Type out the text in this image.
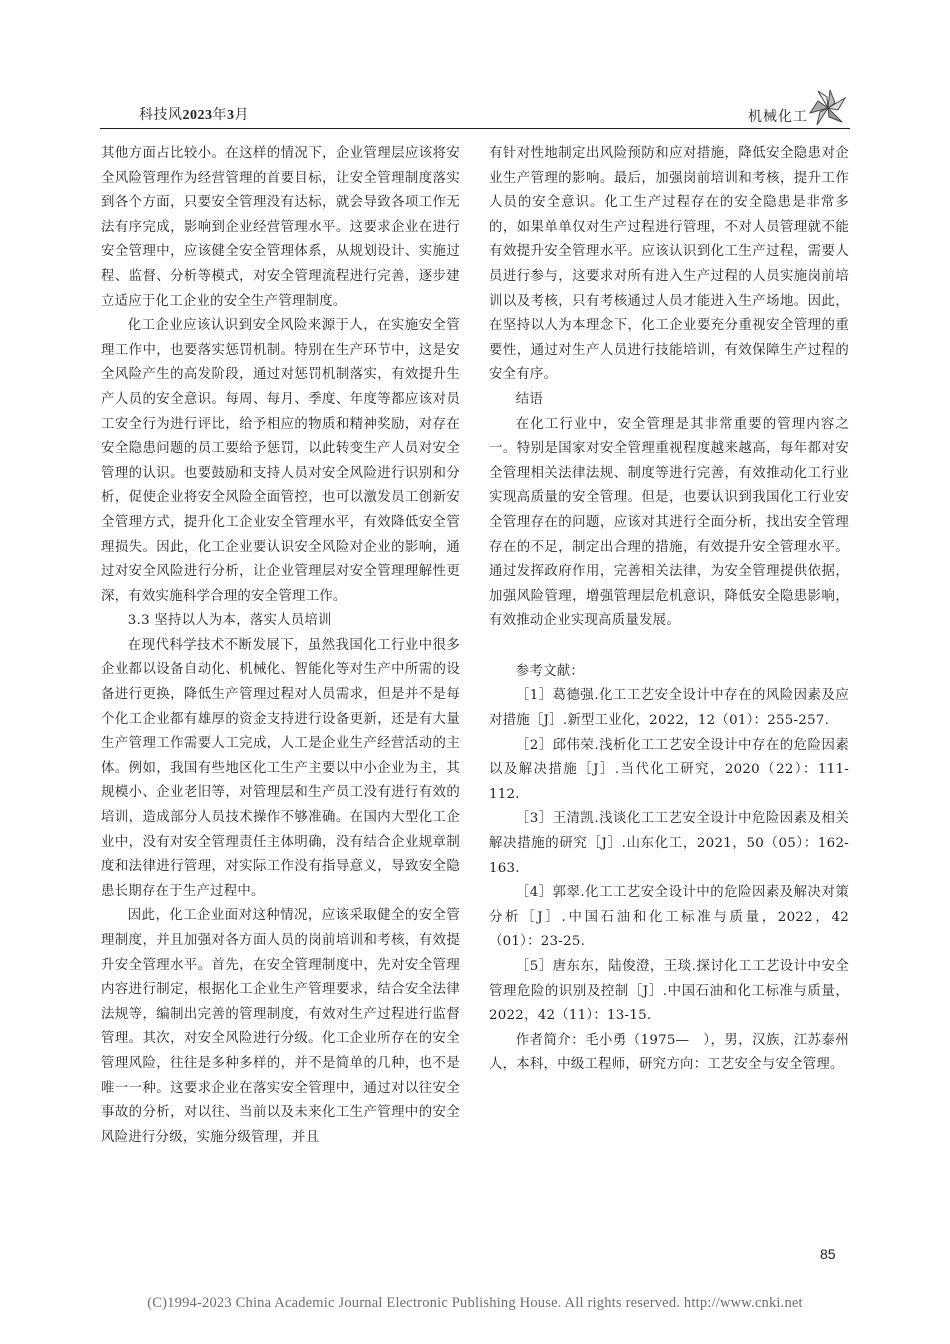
科技风2023年3月	机械化工

其他方面占比较小。在这样的情况下，企业管理层应该将安全风险管理作为经营管理的首要目标，让安全管理制度落实到各个方面，只要安全管理没有达标，就会导致各项工作无法有序完成，影响到企业经营管理水平。这要求企业在进行安全管理中，应该健全安全管理体系，从规划设计、实施过程、监督、分析等模式，对安全管理流程进行完善，逐步建立适应于化工企业的安全生产管理制度。

化工企业应该认识到安全风险来源于人，在实施安全管理工作中，也要落实惩罚机制。特别在生产环节中，这是安全风险产生的高发阶段，通过对惩罚机制落实，有效提升生产人员的安全意识。每周、每月、季度、年度等都应该对员工安全行为进行评比，给予相应的物质和精神奖励，对存在安全隐患问题的员工要给予惩罚，以此转变生产人员对安全管理的认识。也要鼓励和支持人员对安全风险进行识别和分析，促使企业将安全风险全面管控，也可以激发员工创新安全管理方式，提升化工企业安全管理水平，有效降低安全管理损失。因此，化工企业要认识安全风险对企业的影响，通过对安全风险进行分析，让企业管理层对安全管理理解性更深，有效实施科学合理的安全管理工作。

3.3 坚持以人为本，落实人员培训

在现代科学技术不断发展下，虽然我国化工行业中很多企业都以设备自动化、机械化、智能化等对生产中所需的设备进行更换，降低生产管理过程对人员需求，但是并不是每个化工企业都有雄厚的资金支持进行设备更新，还是有大量生产管理工作需要人工完成，人工是企业生产经营活动的主体。例如，我国有些地区化工生产主要以中小企业为主，其规模小、企业老旧等，对管理层和生产员工没有进行有效的培训，造成部分人员技术操作不够准确。在国内大型化工企业中，没有对安全管理责任主体明确，没有结合企业规章制度和法律进行管理，对实际工作没有指导意义，导致安全隐患长期存在于生产过程中。

因此，化工企业面对这种情况，应该采取健全的安全管理制度，并且加强对各方面人员的岗前培训和考核，有效提升安全管理水平。首先，在安全管理制度中，先对安全管理内容进行制定，根据化工企业生产管理要求，结合安全法律法规等，编制出完善的管理制度，有效对生产过程进行监督管理。其次，对安全风险进行分级。化工企业所存在的安全管理风险，往往是多种多样的，并不是简单的几种，也不是唯一一种。这要求企业在落实安全管理中，通过对以往安全事故的分析，对以往、当前以及未来化工生产管理中的安全风险进行分级，实施分级管理，并且

有针对性地制定出风险预防和应对措施，降低安全隐患对企业生产管理的影响。最后，加强岗前培训和考核，提升工作人员的安全意识。化工生产过程存在的安全隐患是非常多的，如果单单仅对生产过程进行管理，不对人员管理就不能有效提升安全管理水平。应该认识到化工生产过程，需要人员进行参与，这要求对所有进入生产过程的人员实施岗前培训以及考核，只有考核通过人员才能进入生产场地。因此，在坚持以人为本理念下，化工企业要充分重视安全管理的重要性，通过对生产人员进行技能培训，有效保障生产过程的安全有序。

结语

在化工行业中，安全管理是其非常重要的管理内容之一。特别是国家对安全管理重视程度越来越高，每年都对安全管理相关法律法规、制度等进行完善，有效推动化工行业实现高质量的安全管理。但是，也要认识到我国化工行业安全管理存在的问题，应该对其进行全面分析，找出安全管理存在的不足，制定出合理的措施，有效提升安全管理水平。通过发挥政府作用，完善相关法律，为安全管理提供依据，加强风险管理，增强管理层危机意识，降低安全隐患影响，有效推动企业实现高质量发展。

参考文献：

［1］葛德强.化工工艺安全设计中存在的风险因素及应对措施［J］.新型工业化，2022，12（01）：255-257.

［2］邱伟荣.浅析化工工艺安全设计中存在的危险因素以及解决措施［J］.当代化工研究，2020（22）：111-112.

［3］王清凯.浅谈化工工艺安全设计中危险因素及相关解决措施的研究［J］.山东化工，2021，50（05）：162-163.

［4］郭翠.化工工艺安全设计中的危险因素及解决对策分析［J］.中国石油和化工标准与质量，2022，42（01）：23-25.

［5］唐东东，陆俊澄，王琰.探讨化工工艺设计中安全管理危险的识别及控制［J］.中国石油和化工标准与质量，2022，42（11）：13-15.

作者简介：毛小勇（1975—　），男，汉族，江苏泰州人，本科，中级工程师，研究方向：工艺安全与安全管理。

85
(C)1994-2023 China Academic Journal Electronic Publishing House. All rights reserved. http://www.cnki.net
